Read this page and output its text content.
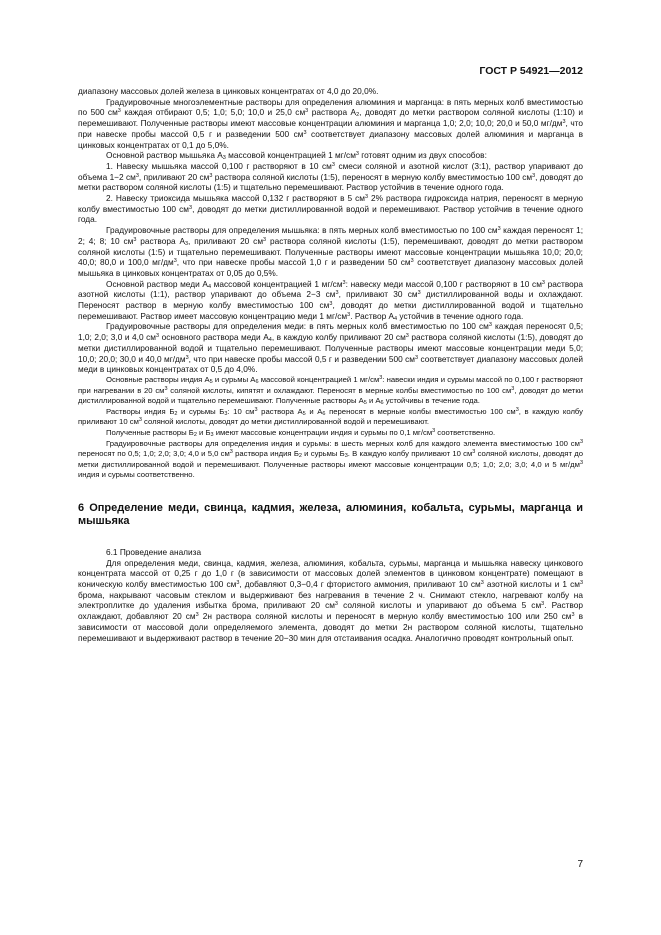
ГОСТ Р 54921—2012

диапазону массовых долей железа в цинковых концентратах от 4,0 до 20,0%.

Градуировочные многоэлементные растворы для определения алюминия и марганца: в пять мерных колб вместимостью по 500 $см^3$ каждая отбирают 0,5; 1,0; 5,0; 10,0 и 25,0 $см^3$ раствора $А_2$, доводят до метки раствором соляной кислоты (1:10) и перемешивают. Полученные растворы имеют массовые концентрации алюминия и марганца 1,0; 2,0; 10,0; 20,0 и 50,0 $мг/дм^3$, что при навеске пробы массой 0,5 г и разведении 500 $см^3$ соответствует диапазону массовых долей алюминия и марганца в цинковых концентратах от 0,1 до 5,0%.

Основной раствор мышьяка $А_3$ массовой концентрацией 1 $мг/см^3$ готовят одним из двух способов:

1. Навеску мышьяка массой 0,100 г растворяют в 10 $см^3$ смеси соляной и азотной кислот (3:1), раствор упаривают до объема 1−2 $см^3$, приливают 20 $см^3$ раствора соляной кислоты (1:5), переносят в мерную колбу вместимостью 100 $см^3$, доводят до метки раствором соляной кислоты (1:5) и тщательно перемешивают. Раствор устойчив в течение одного года.

2. Навеску триоксида мышьяка массой 0,132 г растворяют в 5 $см^3$ 2% раствора гидроксида натрия, переносят в мерную колбу вместимостью 100 $см^3$, доводят до метки дистиллированной водой и перемешивают. Раствор устойчив в течение одного года.

Градуировочные растворы для определения мышьяка: в пять мерных колб вместимостью по 100 $см^3$ каждая переносят 1; 2; 4; 8; 10 $см^3$ раствора $А_3$, приливают 20 $см^3$ раствора соляной кислоты (1:5), перемешивают, доводят до метки раствором соляной кислоты (1:5) и тщательно перемешивают. Полученные растворы имеют массовые концентрации мышьяка 10,0; 20,0; 40,0; 80,0 и 100,0 $мг/дм^3$, что при навеске пробы массой 1,0 г и разведении 50 $см^3$ соответствует диапазону массовых долей мышьяка в цинковых концентратах от 0,05 до 0,5%.

Основной раствор меди $А_4$ массовой концентрацией 1 $мг/см^3$: навеску меди массой 0,100 г растворяют в 10 $см^3$ раствора азотной кислоты (1:1), раствор упаривают до объема 2−3 $см^3$, приливают 30 $см^3$ дистиллированной воды и охлаждают. Переносят раствор в мерную колбу вместимостью 100 $см^3$, доводят до метки дистиллированной водой и тщательно перемешивают. Раствор имеет массовую концентрацию меди 1 $мг/см^3$. Раствор $А_4$ устойчив в течение одного года.

Градуировочные растворы для определения меди: в пять мерных колб вместимостью по 100 $см^3$ каждая переносят 0,5; 1,0; 2,0; 3,0 и 4,0 $см^3$ основного раствора меди $А_4$, в каждую колбу приливают 20 $см^3$ раствора соляной кислоты (1:5), доводят до метки дистиллированной водой и тщательно перемешивают. Полученные растворы имеют массовые концентрации меди 5,0; 10,0; 20,0; 30,0 и 40,0 $мг/дм^3$, что при навеске пробы массой 0,5 г и разведении 500 $см^3$ соответствует диапазону массовых долей меди в цинковых концентратах от 0,5 до 4,0%.

Основные растворы индия $А_5$ и сурьмы $А_6$ массовой концентрацией 1 $мг/см^3$: навески индия и сурьмы массой по 0,100 г растворяют при нагревании в 20 $см^3$ соляной кислоты, кипятят и охлаждают. Переносят в мерные колбы вместимостью по 100 $см^3$, доводят до метки дистиллированной водой и тщательно перемешивают. Полученные растворы $А_5$ и $А_6$ устойчивы в течение года.

Растворы индия $Б_2$ и сурьмы $Б_3$: 10 $см^3$ раствора $А_5$ и $А_6$ переносят в мерные колбы вместимостью 100 $см^3$, в каждую колбу приливают 10 $см^3$ соляной кислоты, доводят до метки дистиллированной водой и перемешивают.

Полученные растворы $Б_2$ и $Б_3$ имеют массовые концентрации индия и сурьмы по 0,1 $мг/см^3$ соответственно.

Градуировочные растворы для определения индия и сурьмы: в шесть мерных колб для каждого элемента вместимостью 100 $см^3$ переносят по 0,5; 1,0; 2,0; 3,0; 4,0 и 5,0 $см^3$ раствора индия $Б_2$ и сурьмы $Б_3$. В каждую колбу приливают 10 $см^3$ соляной кислоты, доводят до метки дистиллированной водой и перемешивают. Полученные растворы имеют массовые концентрации 0,5; 1,0; 2,0; 3,0; 4,0 и 5 $мг/дм^3$ индия и сурьмы соответственно.

6 Определение меди, свинца, кадмия, железа, алюминия, кобальта, сурьмы, марганца и мышьяка

6.1 Проведение анализа

Для определения меди, свинца, кадмия, железа, алюминия, кобальта, сурьмы, марганца и мышьяка навеску цинкового концентрата массой от 0,25 г до 1,0 г (в зависимости от массовых долей элементов в цинковом концентрате) помещают в коническую колбу вместимостью 100 $см^3$, добавляют 0,3−0,4 г фтористого аммония, приливают 10 $см^3$ азотной кислоты и 1 $см^3$ брома, накрывают часовым стеклом и выдерживают без нагревания в течение 2 ч. Снимают стекло, нагревают колбу на электроплитке до удаления избытка брома, приливают 20 $см^3$ соляной кислоты и упаривают до объема 5 $см^3$. Раствор охлаждают, добавляют 20 $см^3$ 2н раствора соляной кислоты и переносят в мерную колбу вместимостью 100 или 250 $см^3$ в зависимости от массовой доли определяемого элемента, доводят до метки 2н раствором соляной кислоты, тщательно перемешивают и выдерживают раствор в течение 20−30 мин для отстаивания осадка. Аналогично проводят контрольный опыт.

7
